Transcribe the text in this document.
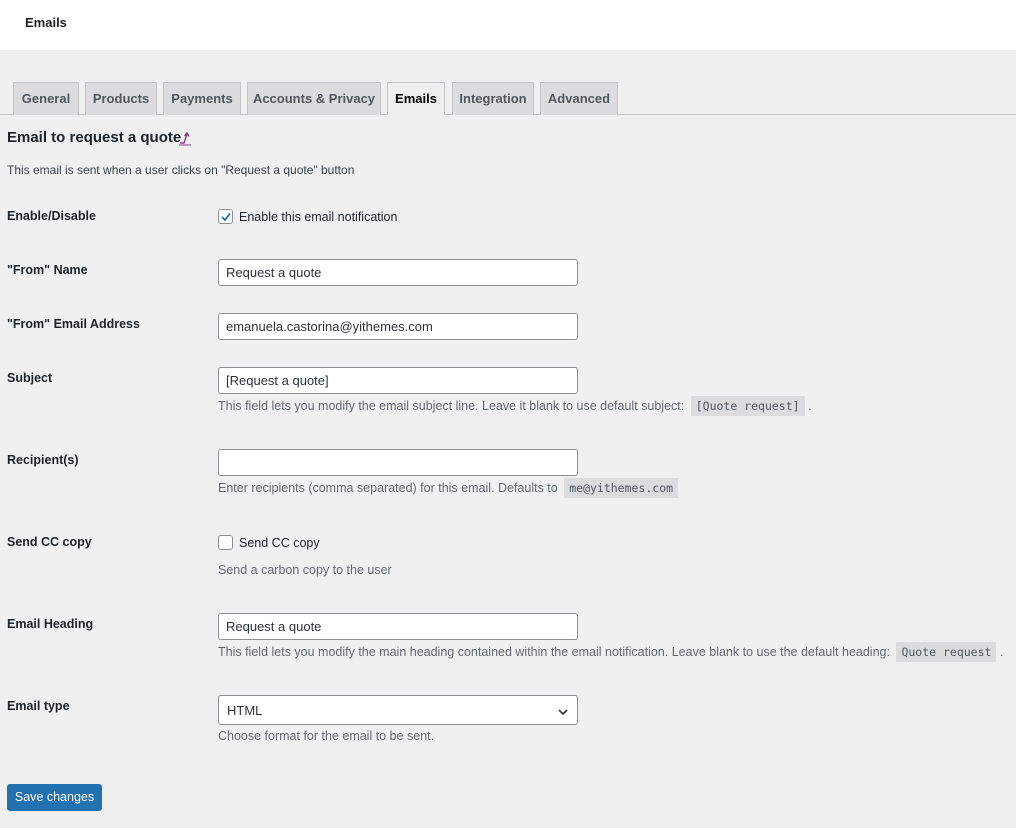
Emails
General	Products	Payments	Accounts & Privacy	Emails	Integration	Advanced
Email to request a quote
This email is sent when a user clicks on "Request a quote" button
Enable/Disable	Enable this email notification
"From" Name	Request a quote
"From" Email Address	emanuela.castorina@yithemes.com
Subject	[Request a quote]
This field lets you modify the email subject line. Leave it blank to use default subject: [Quote request] .
Recipient(s)
Enter recipients (comma separated) for this email. Defaults to me@yithemes.com
Send CC copy	Send CC copy
Send a carbon copy to the user
Email Heading	Request a quote
This field lets you modify the main heading contained within the email notification. Leave blank to use the default heading: Quote request .
Email type	HTML
Choose format for the email to be sent.
Save changes
